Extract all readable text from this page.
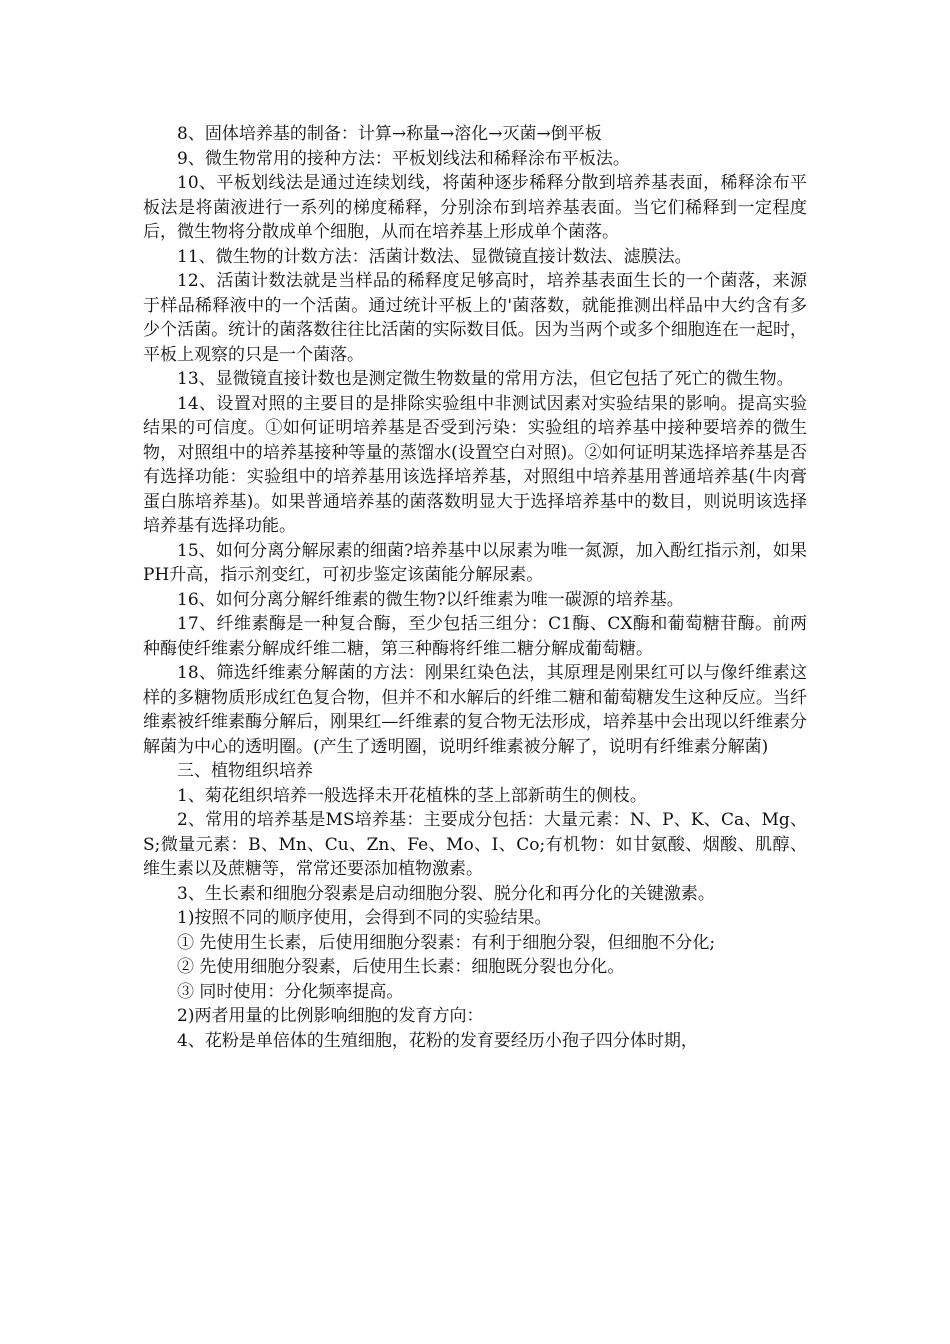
8、固体培养基的制备：计算→称量→溶化→灭菌→倒平板

9、微生物常用的接种方法：平板划线法和稀释涂布平板法。

10、平板划线法是通过连续划线，将菌种逐步稀释分散到培养基表面，稀释涂布平板法是将菌液进行一系列的梯度稀释，分别涂布到培养基表面。当它们稀释到一定程度后，微生物将分散成单个细胞，从而在培养基上形成单个菌落。

11、微生物的计数方法：活菌计数法、显微镜直接计数法、滤膜法。

12、活菌计数法就是当样品的稀释度足够高时，培养基表面生长的一个菌落，来源于样品稀释液中的一个活菌。通过统计平板上的'菌落数，就能推测出样品中大约含有多少个活菌。统计的菌落数往往比活菌的实际数目低。因为当两个或多个细胞连在一起时，平板上观察的只是一个菌落。

13、显微镜直接计数也是测定微生物数量的常用方法，但它包括了死亡的微生物。

14、设置对照的主要目的是排除实验组中非测试因素对实验结果的影响。提高实验结果的可信度。①如何证明培养基是否受到污染：实验组的培养基中接种要培养的微生物，对照组中的培养基接种等量的蒸馏水(设置空白对照)。②如何证明某选择培养基是否有选择功能：实验组中的培养基用该选择培养基，对照组中培养基用普通培养基(牛肉膏蛋白胨培养基)。如果普通培养基的菌落数明显大于选择培养基中的数目，则说明该选择培养基有选择功能。

15、如何分离分解尿素的细菌?培养基中以尿素为唯一氮源，加入酚红指示剂，如果PH升高，指示剂变红，可初步鉴定该菌能分解尿素。

16、如何分离分解纤维素的微生物?以纤维素为唯一碳源的培养基。

17、纤维素酶是一种复合酶，至少包括三组分：C1酶、CX酶和葡萄糖苷酶。前两种酶使纤维素分解成纤维二糖，第三种酶将纤维二糖分解成葡萄糖。

18、筛选纤维素分解菌的方法：刚果红染色法，其原理是刚果红可以与像纤维素这样的多糖物质形成红色复合物，但并不和水解后的纤维二糖和葡萄糖发生这种反应。当纤维素被纤维素酶分解后，刚果红—纤维素的复合物无法形成，培养基中会出现以纤维素分解菌为中心的透明圈。(产生了透明圈，说明纤维素被分解了，说明有纤维素分解菌)

三、植物组织培养

1、菊花组织培养一般选择未开花植株的茎上部新萌生的侧枝。

2、常用的培养基是MS培养基：主要成分包括：大量元素：N、P、K、Ca、Mg、S;微量元素：B、Mn、Cu、Zn、Fe、Mo、I、Co;有机物：如甘氨酸、烟酸、肌醇、维生素以及蔗糖等，常常还要添加植物激素。

3、生长素和细胞分裂素是启动细胞分裂、脱分化和再分化的关键激素。

1)按照不同的顺序使用，会得到不同的实验结果。

① 先使用生长素，后使用细胞分裂素：有利于细胞分裂，但细胞不分化;

② 先使用细胞分裂素，后使用生长素：细胞既分裂也分化。

③ 同时使用：分化频率提高。

2)两者用量的比例影响细胞的发育方向：

4、花粉是单倍体的生殖细胞，花粉的发育要经历小孢子四分体时期，
